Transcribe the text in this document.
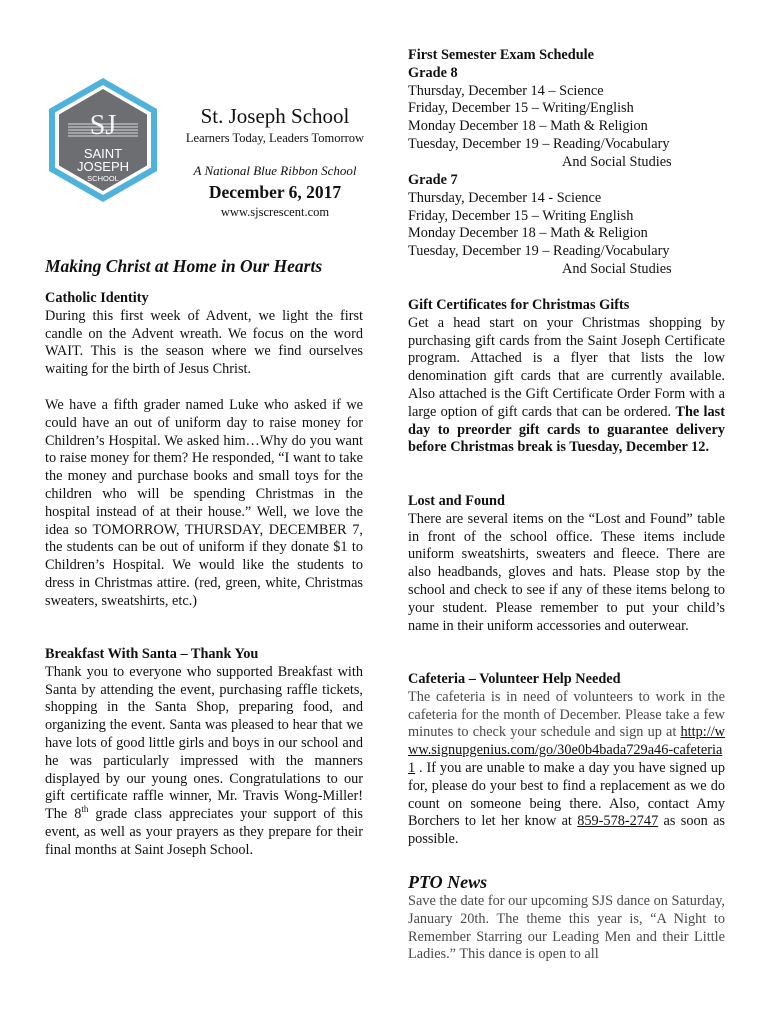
SJ
SAINT
JOSEPH
SCHOOL
St. Joseph School
Learners Today, Leaders Tomorrow
A National Blue Ribbon School
December 6, 2017
www.sjscrescent.com
Making Christ at Home in Our Hearts
Catholic Identity

During this first week of Advent, we light the first candle on the Advent wreath. We focus on the word WAIT. This is the season where we find ourselves waiting for the birth of Jesus Christ.

We have a fifth grader named Luke who asked if we could have an out of uniform day to raise money for Children’s Hospital. We asked him…Why do you want to raise money for them? He responded, “I want to take the money and purchase books and small toys for the children who will be spending Christmas in the hospital instead of at their house.” Well, we love the idea so TOMORROW, THURSDAY, DECEMBER 7, the students can be out of uniform if they donate $1 to Children’s Hospital. We would like the students to dress in Christmas attire. (red, green, white, Christmas sweaters, sweatshirts, etc.)

Breakfast With Santa – Thank You

Thank you to everyone who supported Breakfast with Santa by attending the event, purchasing raffle tickets, shopping in the Santa Shop, preparing food, and organizing the event. Santa was pleased to hear that we have lots of good little girls and boys in our school and he was particularly impressed with the manners displayed by our young ones. Congratulations to our gift certificate raffle winner, Mr. Travis Wong-Miller! The 8th grade class appreciates your support of this event, as well as your prayers as they prepare for their final months at Saint Joseph School.

First Semester Exam Schedule
Grade 8
Thursday, December 14 – Science
Friday, December 15 – Writing/English
Monday December 18 – Math & Religion
Tuesday, December 19 – Reading/Vocabulary
And Social Studies
Grade 7
Thursday, December 14 - Science
Friday, December 15 – Writing English
Monday December 18 – Math & Religion
Tuesday, December 19 – Reading/Vocabulary
And Social Studies
Gift Certificates for Christmas Gifts

Get a head start on your Christmas shopping by purchasing gift cards from the Saint Joseph Certificate program. Attached is a flyer that lists the low denomination gift cards that are currently available. Also attached is the Gift Certificate Order Form with a large option of gift cards that can be ordered. The last day to preorder gift cards to guarantee delivery before Christmas break is Tuesday, December 12.

Lost and Found

There are several items on the “Lost and Found” table in front of the school office. These items include uniform sweatshirts, sweaters and fleece. There are also headbands, gloves and hats. Please stop by the school and check to see if any of these items belong to your student. Please remember to put your child’s name in their uniform accessories and outerwear.

Cafeteria – Volunteer Help Needed

The cafeteria is in need of volunteers to work in the cafeteria for the month of December. Please take a few minutes to check your schedule and sign up at http://www.signupgenius.com/go/30e0b4bada729a46-cafeteria1 . If you are unable to make a day you have signed up for, please do your best to find a replacement as we do count on someone being there. Also, contact Amy Borchers to let her know at 859-578-2747 as soon as possible.

PTO News

Save the date for our upcoming SJS dance on Saturday, January 20th. The theme this year is, “A Night to Remember Starring our Leading Men and their Little Ladies.” This dance is open to all
